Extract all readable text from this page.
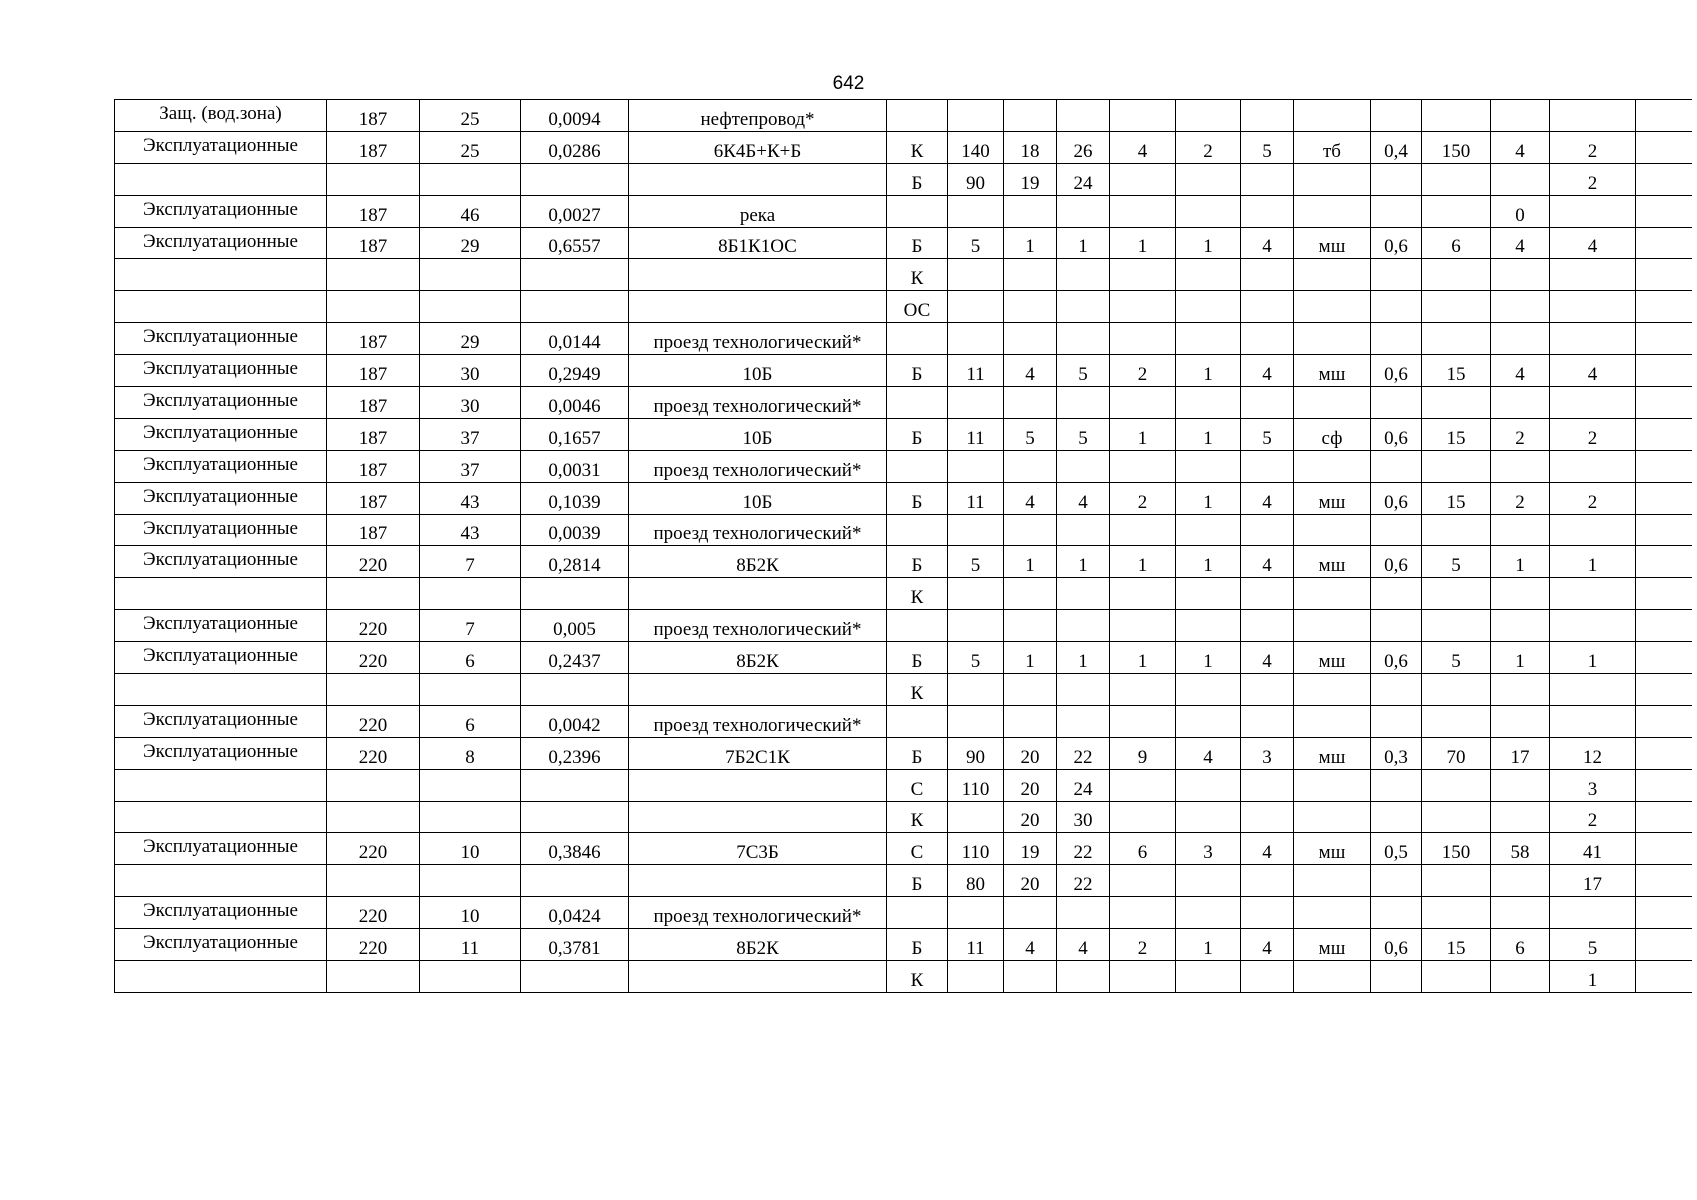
642
Защ. (вод.зона)	187	25	0,0094	нефтепровод*													
Эксплуатационные	187	25	0,0286	6К4Б+К+Б	К	140	18	26	4	2	5	тб	0,4	150	4	2	
					Б	90	19	24								2	
Эксплуатационные	187	46	0,0027	река											0		
Эксплуатационные	187	29	0,6557	8Б1К1ОС	Б	5	1	1	1	1	4	мш	0,6	6	4	4	
					К												
					ОС												
Эксплуатационные	187	29	0,0144	проезд технологический*													
Эксплуатационные	187	30	0,2949	10Б	Б	11	4	5	2	1	4	мш	0,6	15	4	4	
Эксплуатационные	187	30	0,0046	проезд технологический*													
Эксплуатационные	187	37	0,1657	10Б	Б	11	5	5	1	1	5	сф	0,6	15	2	2	
Эксплуатационные	187	37	0,0031	проезд технологический*													
Эксплуатационные	187	43	0,1039	10Б	Б	11	4	4	2	1	4	мш	0,6	15	2	2	
Эксплуатационные	187	43	0,0039	проезд технологический*													
Эксплуатационные	220	7	0,2814	8Б2К	Б	5	1	1	1	1	4	мш	0,6	5	1	1	
					К												
Эксплуатационные	220	7	0,005	проезд технологический*													
Эксплуатационные	220	6	0,2437	8Б2К	Б	5	1	1	1	1	4	мш	0,6	5	1	1	
					К												
Эксплуатационные	220	6	0,0042	проезд технологический*													
Эксплуатационные	220	8	0,2396	7Б2С1К	Б	90	20	22	9	4	3	мш	0,3	70	17	12	
					С	110	20	24								3	
					К		20	30								2	
Эксплуатационные	220	10	0,3846	7С3Б	С	110	19	22	6	3	4	мш	0,5	150	58	41	
					Б	80	20	22								17	
Эксплуатационные	220	10	0,0424	проезд технологический*													
Эксплуатационные	220	11	0,3781	8Б2К	Б	11	4	4	2	1	4	мш	0,6	15	6	5	
					К											1	
